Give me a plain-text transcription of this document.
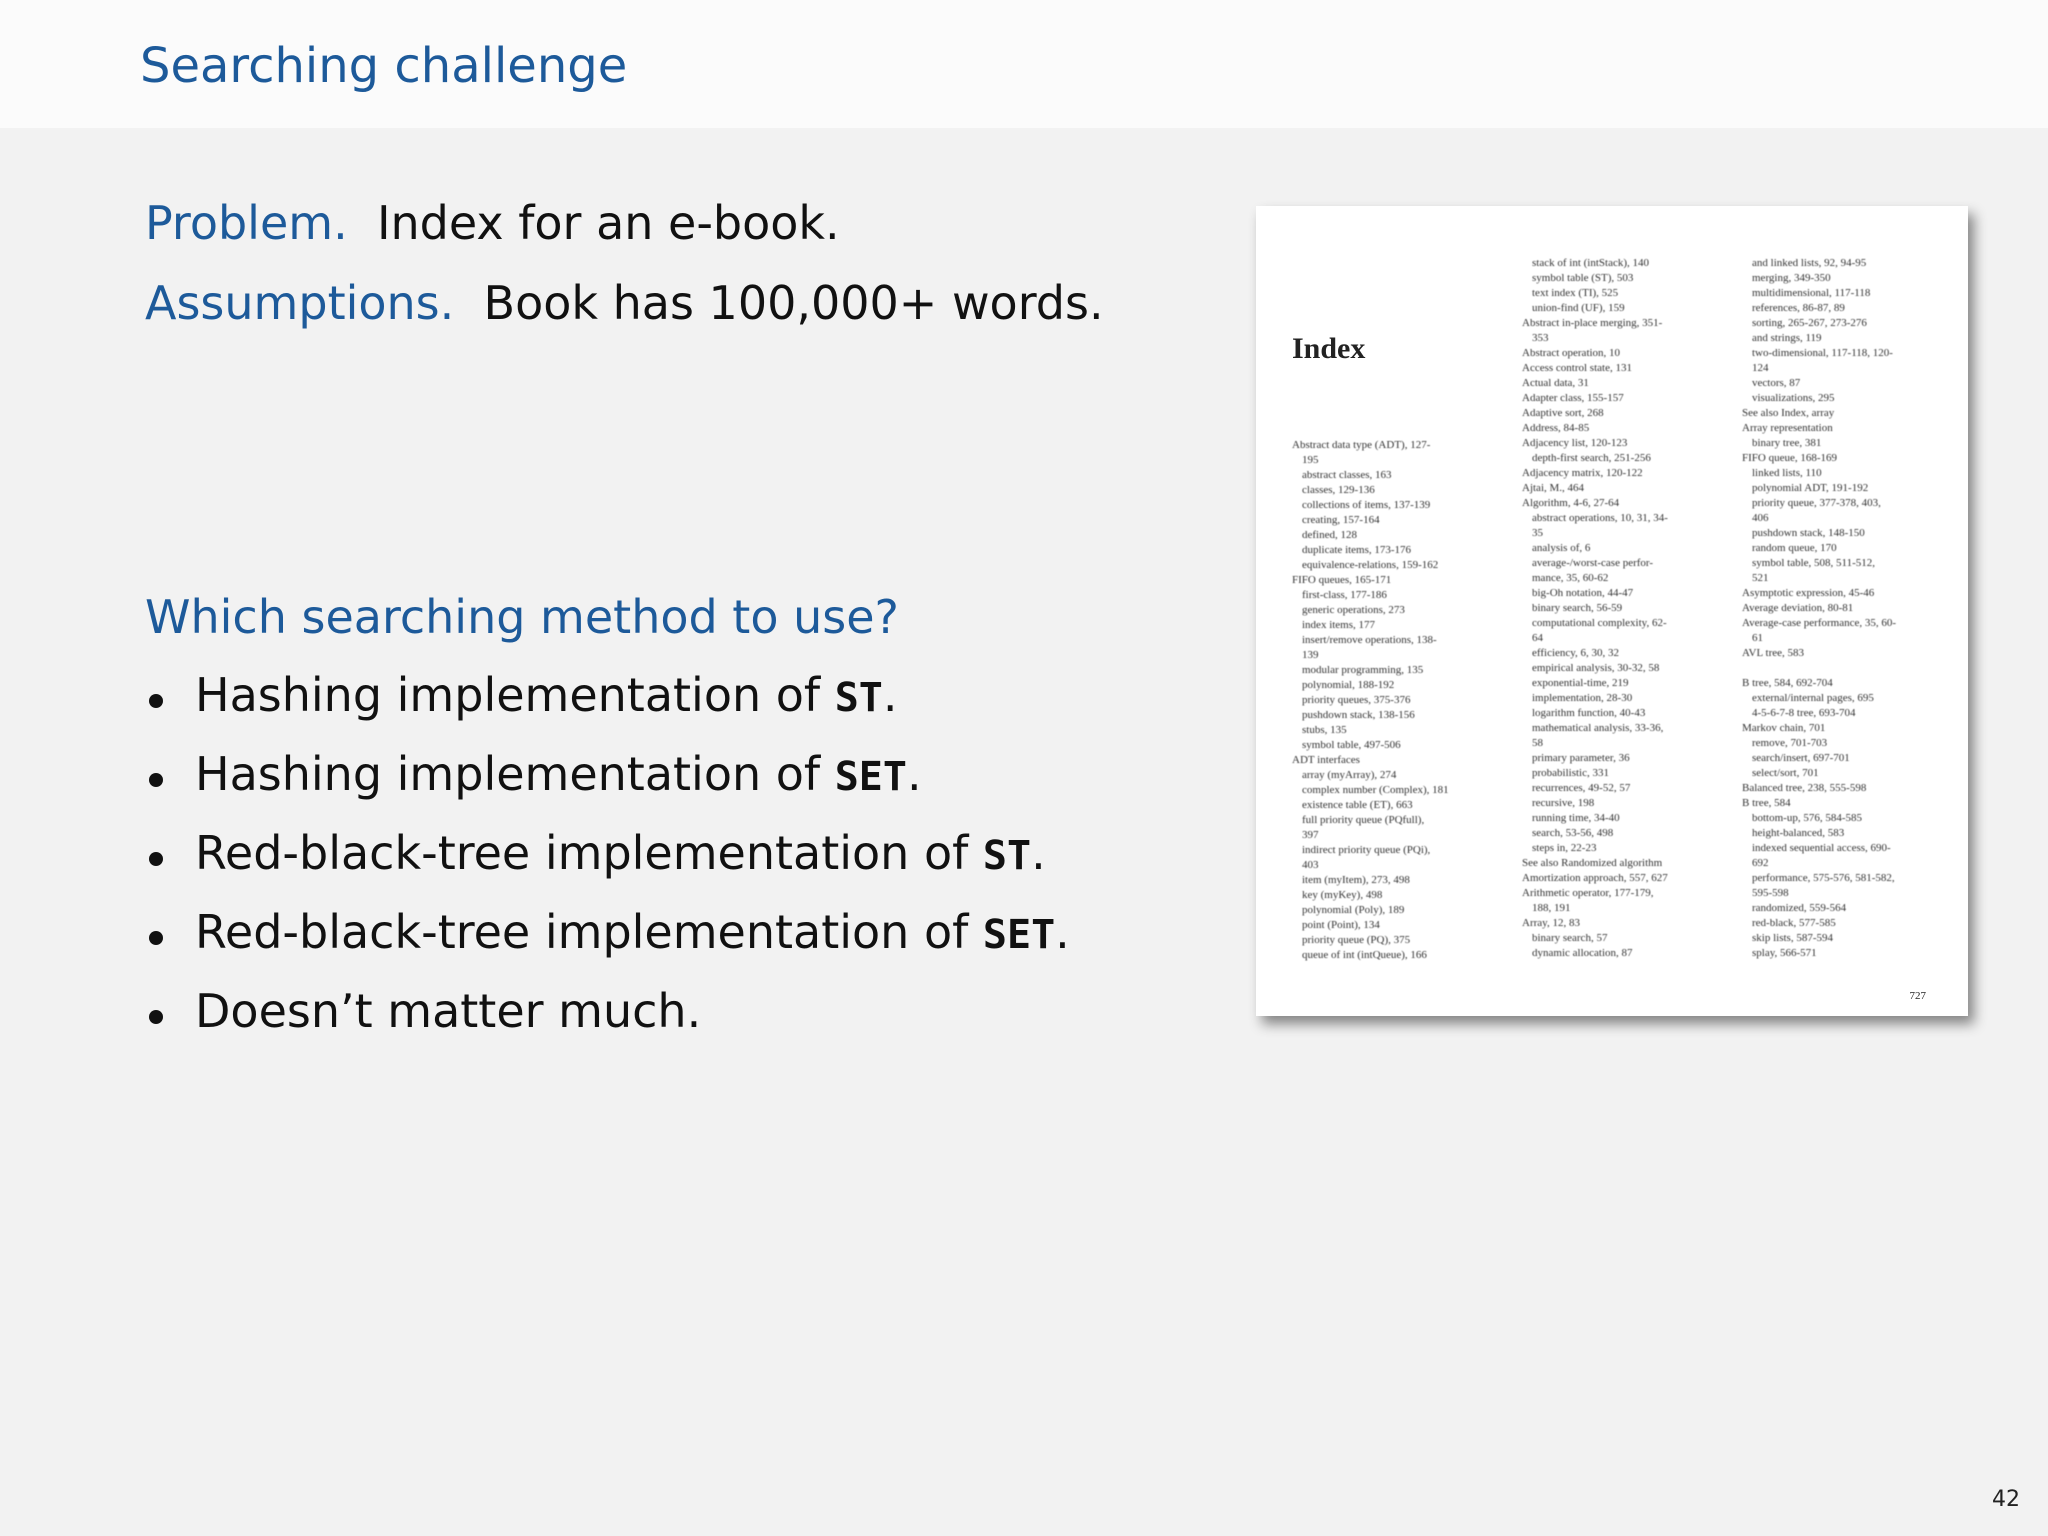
Searching challenge
Problem. Index for an e-book.
Assumptions. Book has 100,000+ words.
Which searching method to use?
Hashing implementation of ST.
Hashing implementation of SET.
Red-black-tree implementation of ST.
Red-black-tree implementation of SET.
Doesn’t matter much.
Index
Abstract data type (ADT), 127-
195
abstract classes, 163
classes, 129-136
collections of items, 137-139
creating, 157-164
defined, 128
duplicate items, 173-176
equivalence-relations, 159-162
FIFO queues, 165-171
first-class, 177-186
generic operations, 273
index items, 177
insert/remove operations, 138-
139
modular programming, 135
polynomial, 188-192
priority queues, 375-376
pushdown stack, 138-156
stubs, 135
symbol table, 497-506
ADT interfaces
array (myArray), 274
complex number (Complex), 181
existence table (ET), 663
full priority queue (PQfull),
397
indirect priority queue (PQi),
403
item (myItem), 273, 498
key (myKey), 498
polynomial (Poly), 189
point (Point), 134
priority queue (PQ), 375
queue of int (intQueue), 166
stack of int (intStack), 140
symbol table (ST), 503
text index (TI), 525
union-find (UF), 159
Abstract in-place merging, 351-
353
Abstract operation, 10
Access control state, 131
Actual data, 31
Adapter class, 155-157
Adaptive sort, 268
Address, 84-85
Adjacency list, 120-123
depth-first search, 251-256
Adjacency matrix, 120-122
Ajtai, M., 464
Algorithm, 4-6, 27-64
abstract operations, 10, 31, 34-
35
analysis of, 6
average-/worst-case perfor-
mance, 35, 60-62
big-Oh notation, 44-47
binary search, 56-59
computational complexity, 62-
64
efficiency, 6, 30, 32
empirical analysis, 30-32, 58
exponential-time, 219
implementation, 28-30
logarithm function, 40-43
mathematical analysis, 33-36,
58
primary parameter, 36
probabilistic, 331
recurrences, 49-52, 57
recursive, 198
running time, 34-40
search, 53-56, 498
steps in, 22-23
See also Randomized algorithm
Amortization approach, 557, 627
Arithmetic operator, 177-179,
188, 191
Array, 12, 83
binary search, 57
dynamic allocation, 87
and linked lists, 92, 94-95
merging, 349-350
multidimensional, 117-118
references, 86-87, 89
sorting, 265-267, 273-276
and strings, 119
two-dimensional, 117-118, 120-
124
vectors, 87
visualizations, 295
See also Index, array
Array representation
binary tree, 381
FIFO queue, 168-169
linked lists, 110
polynomial ADT, 191-192
priority queue, 377-378, 403,
406
pushdown stack, 148-150
random queue, 170
symbol table, 508, 511-512,
521
Asymptotic expression, 45-46
Average deviation, 80-81
Average-case performance, 35, 60-
61
AVL tree, 583

B tree, 584, 692-704
external/internal pages, 695
4-5-6-7-8 tree, 693-704
Markov chain, 701
remove, 701-703
search/insert, 697-701
select/sort, 701
Balanced tree, 238, 555-598
B tree, 584
bottom-up, 576, 584-585
height-balanced, 583
indexed sequential access, 690-
692
performance, 575-576, 581-582,
595-598
randomized, 559-564
red-black, 577-585
skip lists, 587-594
splay, 566-571
727
42
